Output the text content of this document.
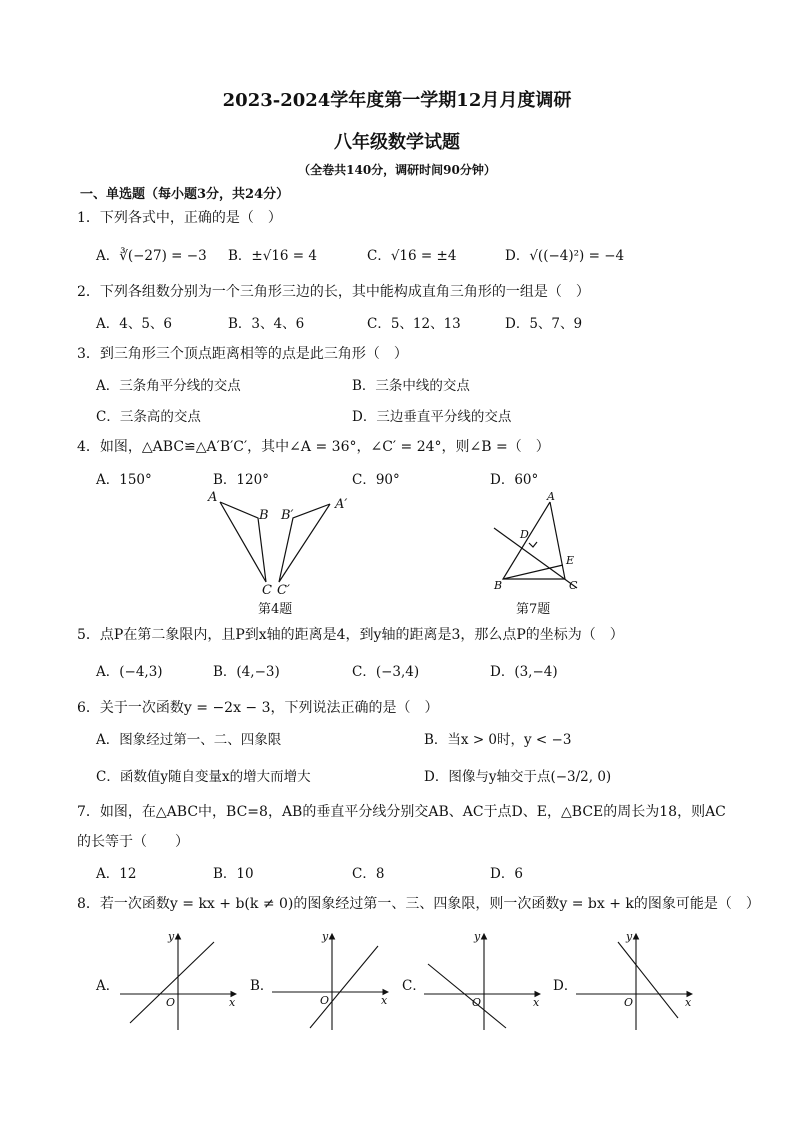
2023-2024学年度第一学期12月月度调研
八年级数学试题
（全卷共140分，调研时间90分钟）
一、单选题（每小题3分，共24分）
1．下列各式中，正确的是（　）
A．∛(−27) = −3 B．±√16 = 4	C．√16 = ±4	D．√((−4)²) = −4
2．下列各组数分别为一个三角形三边的长，其中能构成直角三角形的一组是（　）
A．4、5、6	B．3、4、6	C．5、12、13	D．5、7、9
3．到三角形三个顶点距离相等的点是此三角形（　）
A．三条角平分线的交点	B．三条中线的交点
C．三条高的交点	D．三边垂直平分线的交点
4．如图，△ABC≌△A′B′C′，其中∠A = 36°，∠C′ = 24°，则∠B =（　）
A．150°	B．120°	C．90°	D．60°
A
B
C
B′
A′
C′
第4题
A
D
E
B	C
第7题
5．点P在第二象限内，且P到x轴的距离是4，到y轴的距离是3，那么点P的坐标为（　）
A．(−4,3)	B．(4,−3)	C．(−3,4)	D．(3,−4)
6．关于一次函数y = −2x − 3，下列说法正确的是（　）
A．图象经过第一、二、四象限	B．当x > 0时，y < −3
C．函数值y随自变量x的增大而增大	D．图像与y轴交于点(−3/2, 0)
7．如图，在△ABC中，BC=8，AB的垂直平分线分别交AB、AC于点D、E，△BCE的周长为18，则AC
的长等于（　　）
A．12	B．10	C．8	D．6
8．若一次函数y = kx + b(k ≠ 0)的图象经过第一、三、四象限，则一次函数y = bx + k的图象可能是（　）
A．	B．	C．	D．
y
x
O
y
x
O
y
x
O
y
x
O
